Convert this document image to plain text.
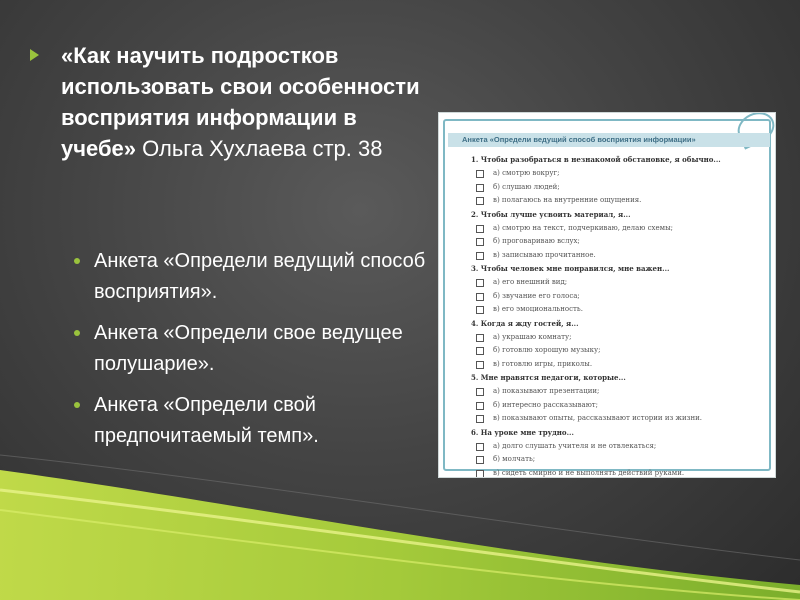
«Как научить подростков использовать свои особенности восприятия информации в учебе» Ольга Хухлаева стр. 38
Анкета «Определи ведущий способ восприятия».
Анкета «Определи свое ведущее полушарие».
Анкета «Определи свой предпочитаемый темп».
Анкета «Определи ведущий способ восприятия информации»
1. Чтобы разобраться в незнакомой обстановке, я обычно...
а) смотрю вокруг;
б) слушаю людей;
в) полагаюсь на внутренние ощущения.
2. Чтобы лучше усвоить материал, я...
а) смотрю на текст, подчеркиваю, делаю схемы;
б) проговариваю вслух;
в) записываю прочитанное.
3. Чтобы человек мне понравился, мне важен...
а) его внешний вид;
б) звучание его голоса;
в) его эмоциональность.
4. Когда я жду гостей, я...
а) украшаю комнату;
б) готовлю хорошую музыку;
в) готовлю игры, приколы.
5. Мне нравятся педагоги, которые...
а) показывают презентации;
б) интересно рассказывают;
в) показывают опыты, рассказывают истории из жизни.
6. На уроке мне трудно...
а) долго слушать учителя и не отвлекаться;
б) молчать;
в) сидеть смирно и не выполнять действий руками.
